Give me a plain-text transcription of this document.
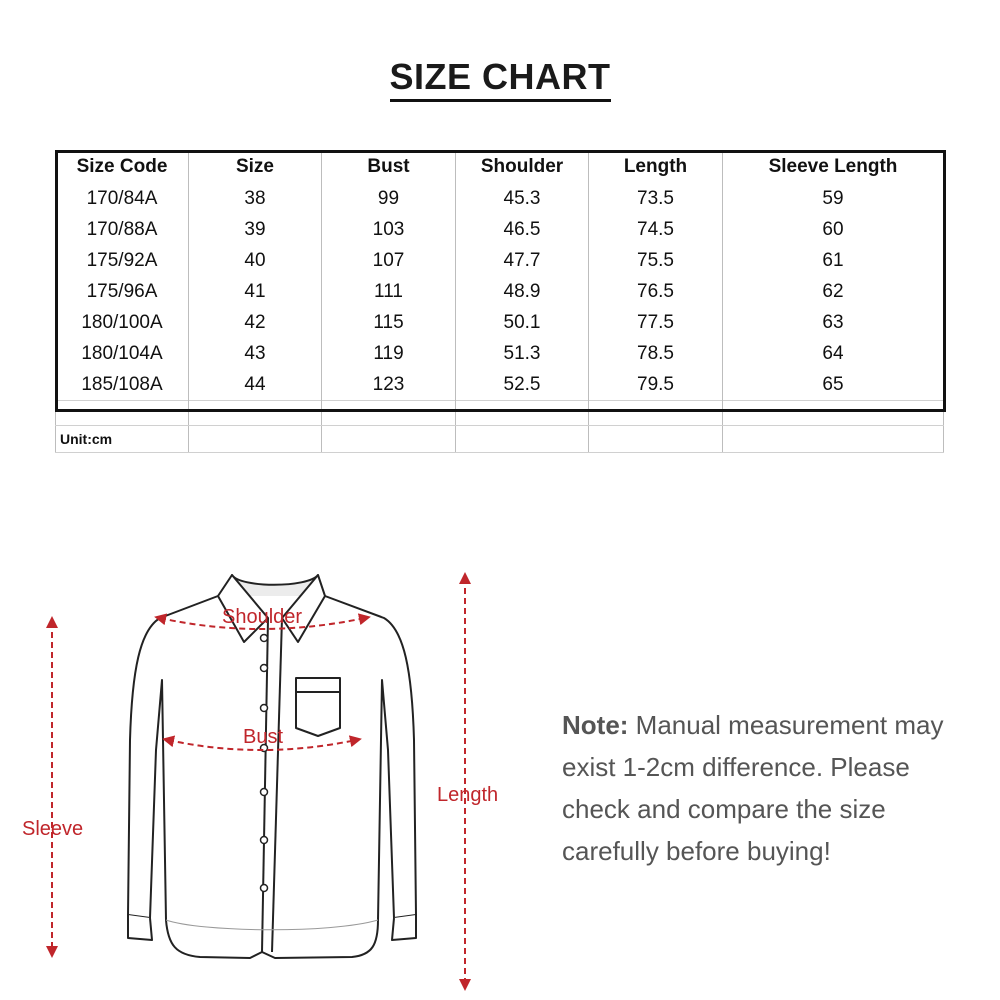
SIZE CHART
Size Code	Size	Bust	Shoulder	Length	Sleeve Length
170/84A	38	99	45.3	73.5	59
170/88A	39	103	46.5	74.5	60
175/92A	40	107	47.7	75.5	61
175/96A	41	111	48.9	76.5	62
180/100A	42	115	50.1	77.5	63
180/104A	43	119	51.3	78.5	64
185/108A	44	123	52.5	79.5	65

Unit:cm					
Shoulder
Bust
Sleeve
Length
Note: Manual measurement may exist 1-2cm difference. Please check and compare the size carefully before buying!
